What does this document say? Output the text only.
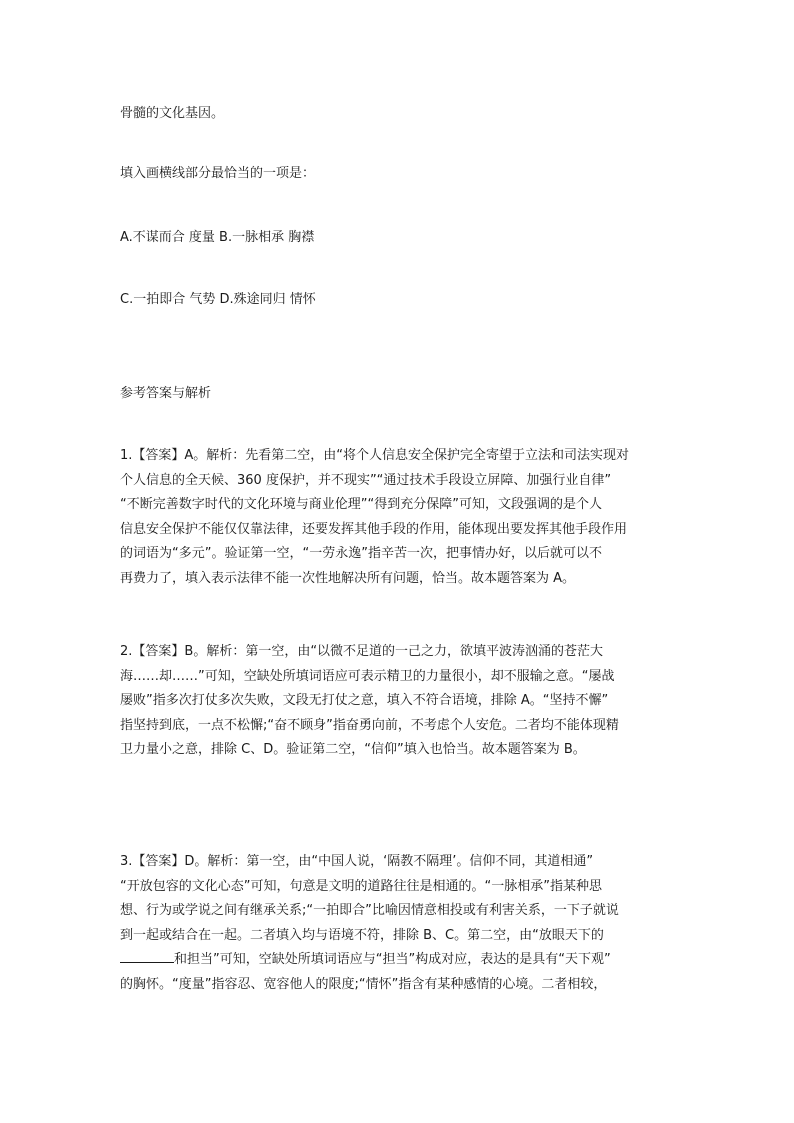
骨髓的文化基因。
填入画横线部分最恰当的一项是：
A.不谋而合 度量 B.一脉相承 胸襟
C.一拍即合 气势 D.殊途同归 情怀
参考答案与解析
1.【答案】A。解析：先看第二空，由“将个人信息安全保护完全寄望于立法和司法实现对
个人信息的全天候、360 度保护，并不现实”“通过技术手段设立屏障、加强行业自律”
“不断完善数字时代的文化环境与商业伦理”“得到充分保障”可知，文段强调的是个人
信息安全保护不能仅仅靠法律，还要发挥其他手段的作用，能体现出要发挥其他手段作用
的词语为“多元”。验证第一空，“一劳永逸”指辛苦一次，把事情办好，以后就可以不
再费力了，填入表示法律不能一次性地解决所有问题，恰当。故本题答案为 A。
2.【答案】B。解析：第一空，由“以微不足道的一己之力，欲填平波涛汹涌的苍茫大
海……却……”可知，空缺处所填词语应可表示精卫的力量很小，却不服输之意。“屡战
屡败”指多次打仗多次失败，文段无打仗之意，填入不符合语境，排除 A。“坚持不懈”
指坚持到底，一点不松懈;“奋不顾身”指奋勇向前，不考虑个人安危。二者均不能体现精
卫力量小之意，排除 C、D。验证第二空，“信仰”填入也恰当。故本题答案为 B。
3.【答案】D。解析：第一空，由“中国人说，‘隔教不隔理’。信仰不同，其道相通”
“开放包容的文化心态”可知，句意是文明的道路往往是相通的。“一脉相承”指某种思
想、行为或学说之间有继承关系;“一拍即合”比喻因情意相投或有利害关系，一下子就说
到一起或结合在一起。二者填入均与语境不符，排除 B、C。第二空，由“放眼天下的
和担当”可知，空缺处所填词语应与“担当”构成对应，表达的是具有“天下观”
的胸怀。“度量”指容忍、宽容他人的限度;“情怀”指含有某种感情的心境。二者相较，
